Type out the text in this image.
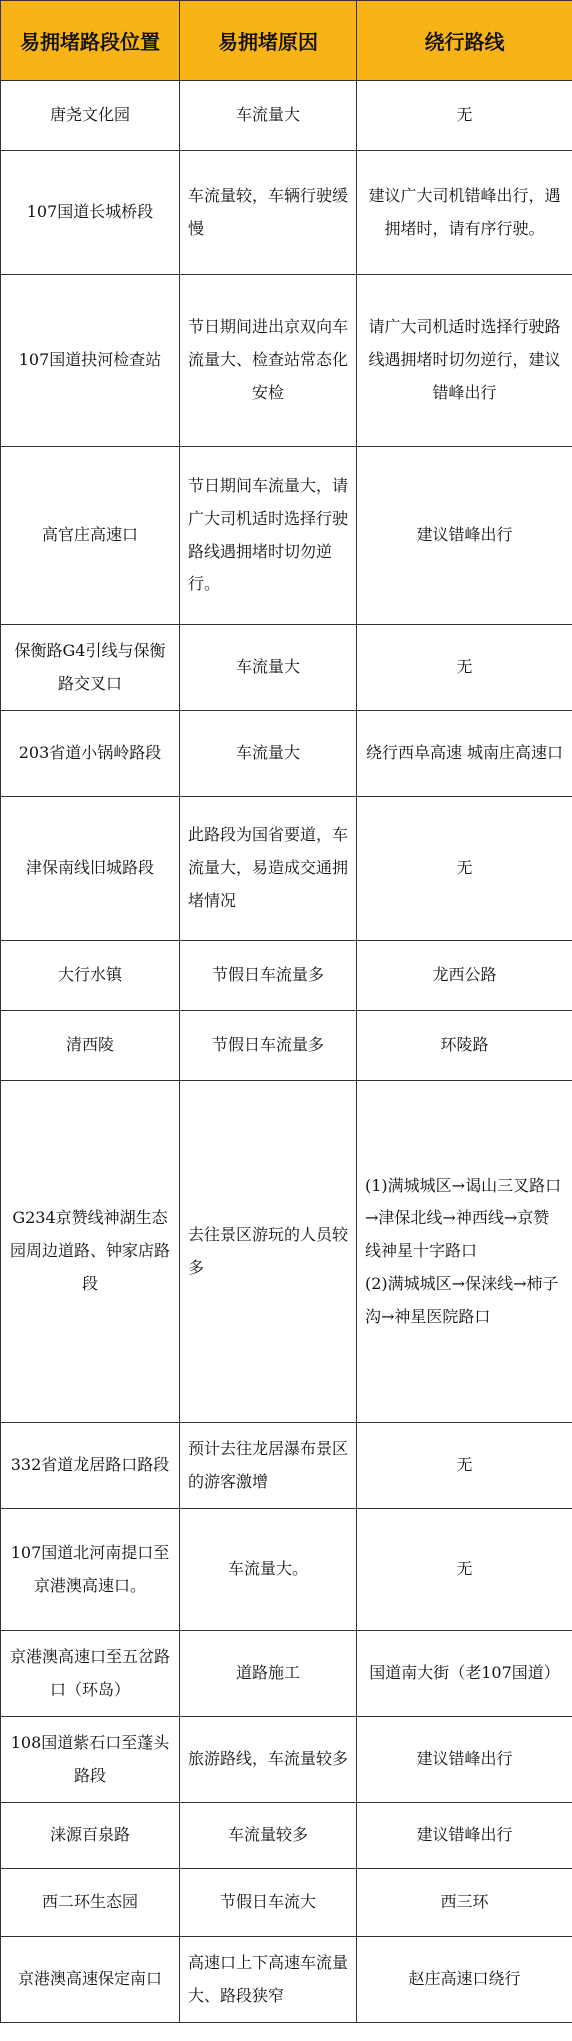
易拥堵路段位置	易拥堵原因	绕行路线
唐尧文化园	车流量大	无
107国道长城桥段	车流量较，车辆行驶缓慢	建议广大司机错峰出行，遇拥堵时，请有序行驶。
107国道抉河检查站	节日期间进出京双向车流量大、检查站常态化安检	请广大司机适时选择行驶路线遇拥堵时切勿逆行，建议错峰出行
高官庄高速口	节日期间车流量大，请广大司机适时选择行驶路线遇拥堵时切勿逆行。	建议错峰出行
保衡路G4引线与保衡路交叉口	车流量大	无
203省道小锅岭路段	车流量大	绕行西阜高速 城南庄高速口
津保南线旧城路段	此路段为国省要道，车流量大，易造成交通拥堵情况	无
大行水镇	节假日车流量多	龙西公路
清西陵	节假日车流量多	环陵路
G234京赞线神湖生态园周边道路、钟家店路段	去往景区游玩的人员较多	(1)满城城区→谒山三叉路口→津保北线→神西线→京赞线神星十字路口
(2)满城城区→保涞线→柿子沟→神星医院路口
332省道龙居路口路段	预计去往龙居瀑布景区的游客激增	无
107国道北河南提口至京港澳高速口。	车流量大。	无
京港澳高速口至五岔路口（环岛）	道路施工	国道南大街（老107国道）
108国道紫石口至蓬头路段	旅游路线，车流量较多	建议错峰出行
涞源百泉路	车流量较多	建议错峰出行
西二环生态园	节假日车流大	西三环
京港澳高速保定南口	高速口上下高速车流量大、路段狭窄	赵庄高速口绕行
